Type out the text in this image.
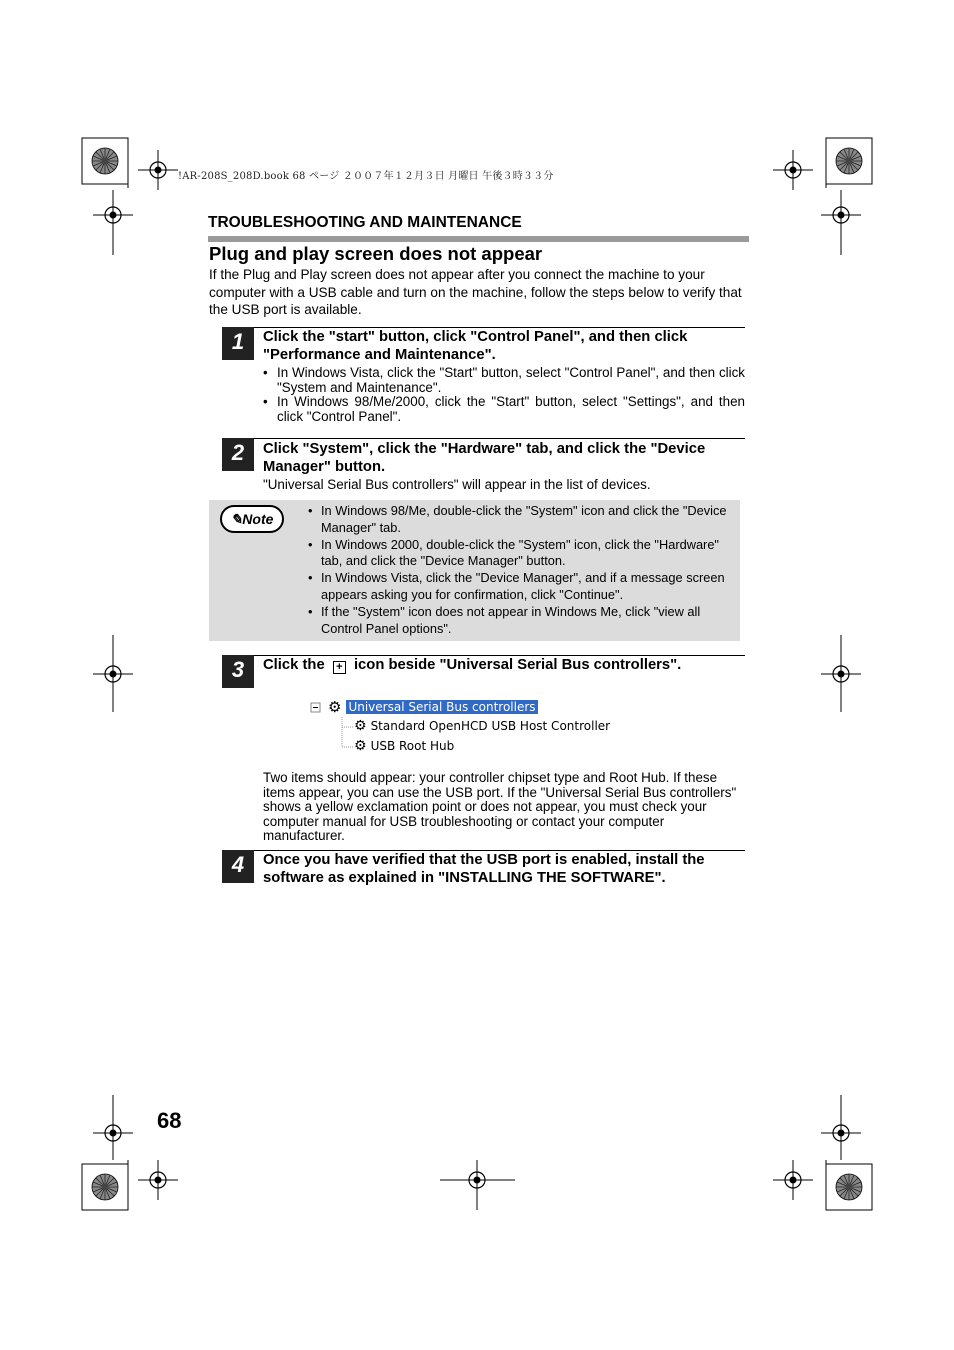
!AR-208S_208D.book 68 ページ ２００７年１２月３日 月曜日 午後３時３３分
TROUBLESHOOTING AND MAINTENANCE
Plug and play screen does not appear
If the Plug and Play screen does not appear after you connect the machine to your computer with a USB cable and turn on the machine, follow the steps below to verify that the USB port is available.
1	Click the "start" button, click "Control Panel", and then click "Performance and Maintenance".
• In Windows Vista, click the "Start" button, select "Control Panel", and then click "System and Maintenance".
• In Windows 98/Me/2000, click the "Start" button, select "Settings", and then click "Control Panel".
2	Click "System", click the "Hardware" tab, and click the "Device Manager" button.
"Universal Serial Bus controllers" will appear in the list of devices.
✎Note
• In Windows 98/Me, double-click the "System" icon and click the "Device Manager" tab.
• In Windows 2000, double-click the "System" icon, click the "Hardware" tab, and click the "Device Manager" button.
• In Windows Vista, click the "Device Manager", and if a message screen appears asking you for confirmation, click "Continue".
• If the "System" icon does not appear in Windows Me, click "view all Control Panel options".
3	Click the + icon beside "Universal Serial Bus controllers".
⚙ Universal Serial Bus controllers
⚙ Standard OpenHCD USB Host Controller
⚙ USB Root Hub
Two items should appear: your controller chipset type and Root Hub. If these items appear, you can use the USB port. If the "Universal Serial Bus controllers" shows a yellow exclamation point or does not appear, you must check your computer manual for USB troubleshooting or contact your computer manufacturer.
4	Once you have verified that the USB port is enabled, install the software as explained in "INSTALLING THE SOFTWARE".
68
